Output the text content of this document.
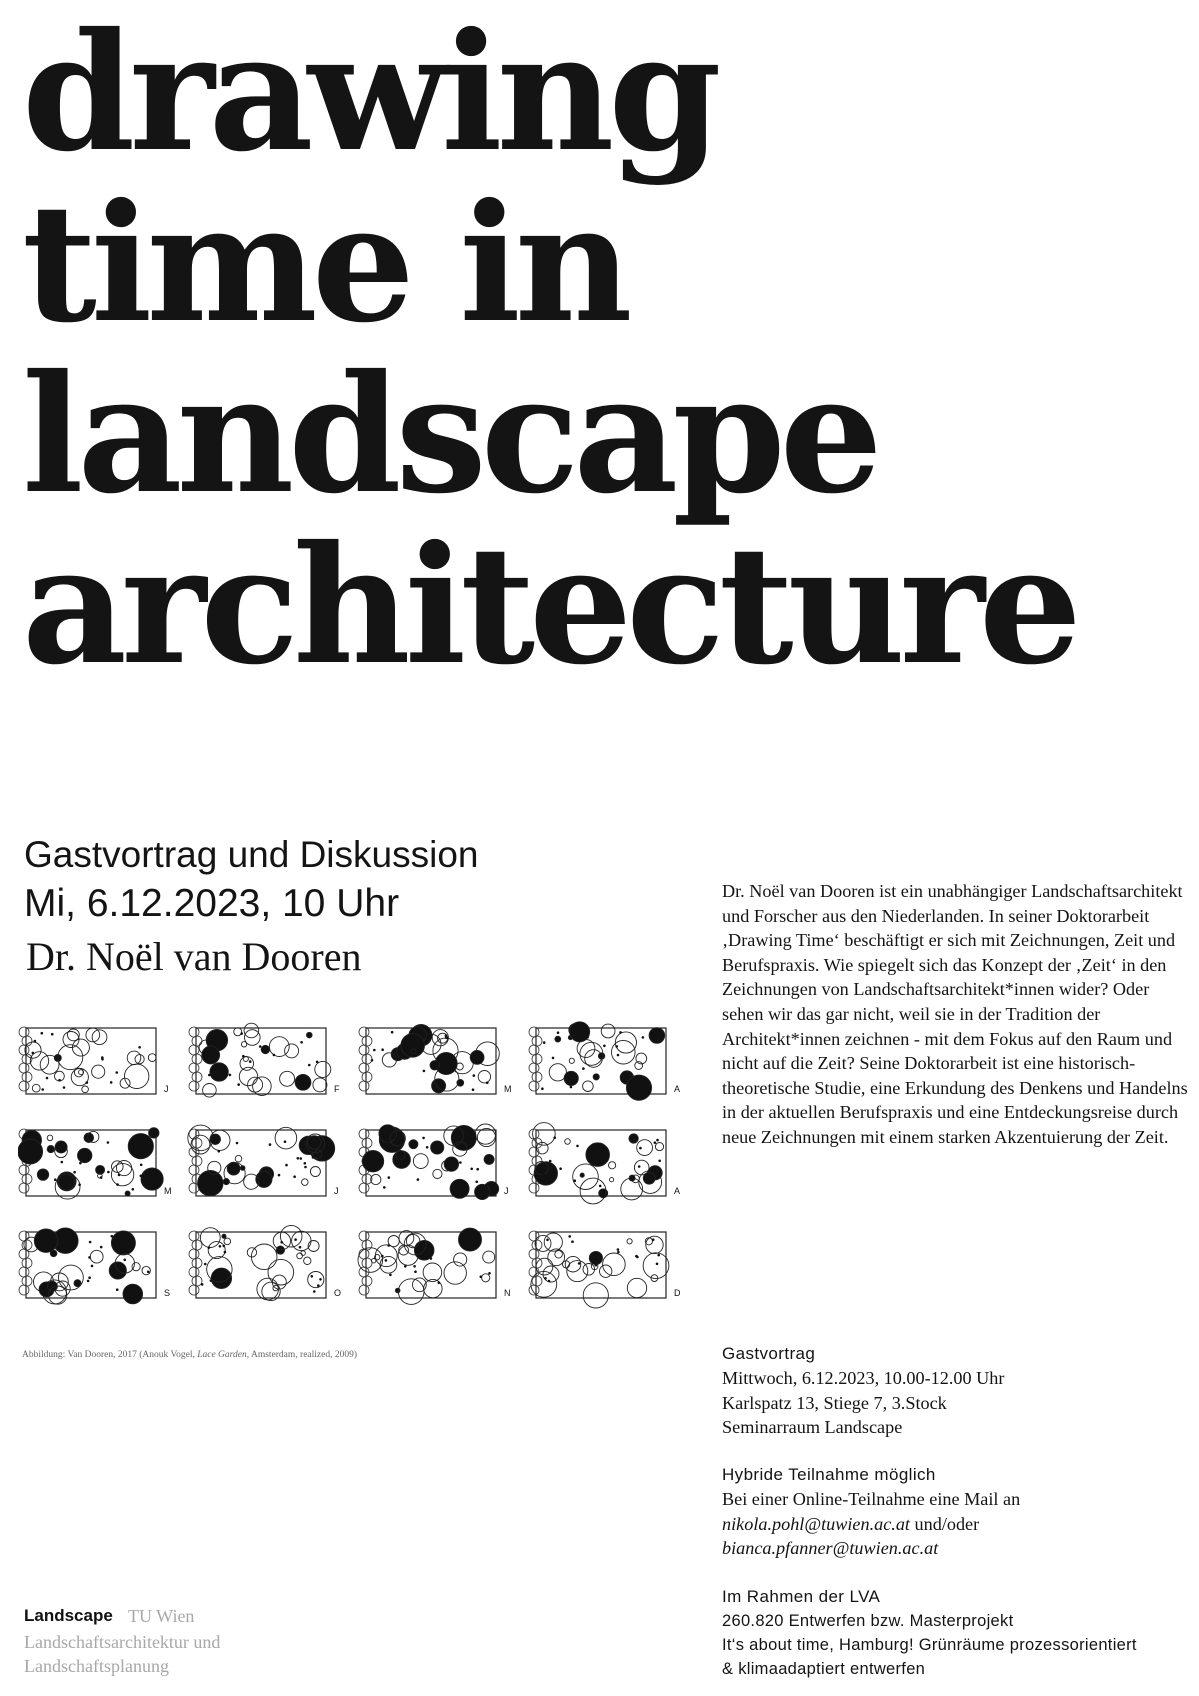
drawing
time in
landscape
architecture
Gastvortrag und Diskussion
Mi, 6.12.2023, 10 Uhr
Dr. Noël van Dooren
Dr. Noël van Dooren ist ein unabhängiger Landschaftsarchitekt und Forscher aus den Niederlanden. In seiner Doktorarbeit ‚Drawing Time‘ beschäftigt er sich mit Zeichnungen, Zeit und Berufspraxis. Wie spiegelt sich das Konzept der ‚Zeit‘ in den Zeichnungen von Landschaftsarchitekt*innen wider? Oder sehen wir das gar nicht, weil sie in der Tradition der Architekt*innen zeichnen - mit dem Fokus auf den Raum und nicht auf die Zeit? Seine Doktorarbeit ist eine historisch-theoretische Studie, eine Erkundung des Denkens und Handelns in der aktuellen Berufspraxis und eine Entdeckungsreise durch neue Zeichnungen mit einem starken Akzentuierung der Zeit.
J	F	M	A
M	J	J	A
S	O	N	D
Abbildung: Van Dooren, 2017 (Anouk Vogel, Lace Garden, Amsterdam, realized, 2009)	Gastvortrag
Mittwoch, 6.12.2023, 10.00-12.00 Uhr
Karlspatz 13, Stiege 7, 3.Stock
Seminarraum Landscape
Hybride Teilnahme möglich
Bei einer Online-Teilnahme eine Mail an
nikola.pohl@tuwien.ac.at und/oder
bianca.pfanner@tuwien.ac.at
Im Rahmen der LVA
260.820 Entwerfen bzw. Masterprojekt
It‘s about time, Hamburg! Grünräume prozessorientiert
& klimaadaptiert entwerfen
Landscape TU Wien
Landschaftsarchitektur und
Landschaftsplanung
